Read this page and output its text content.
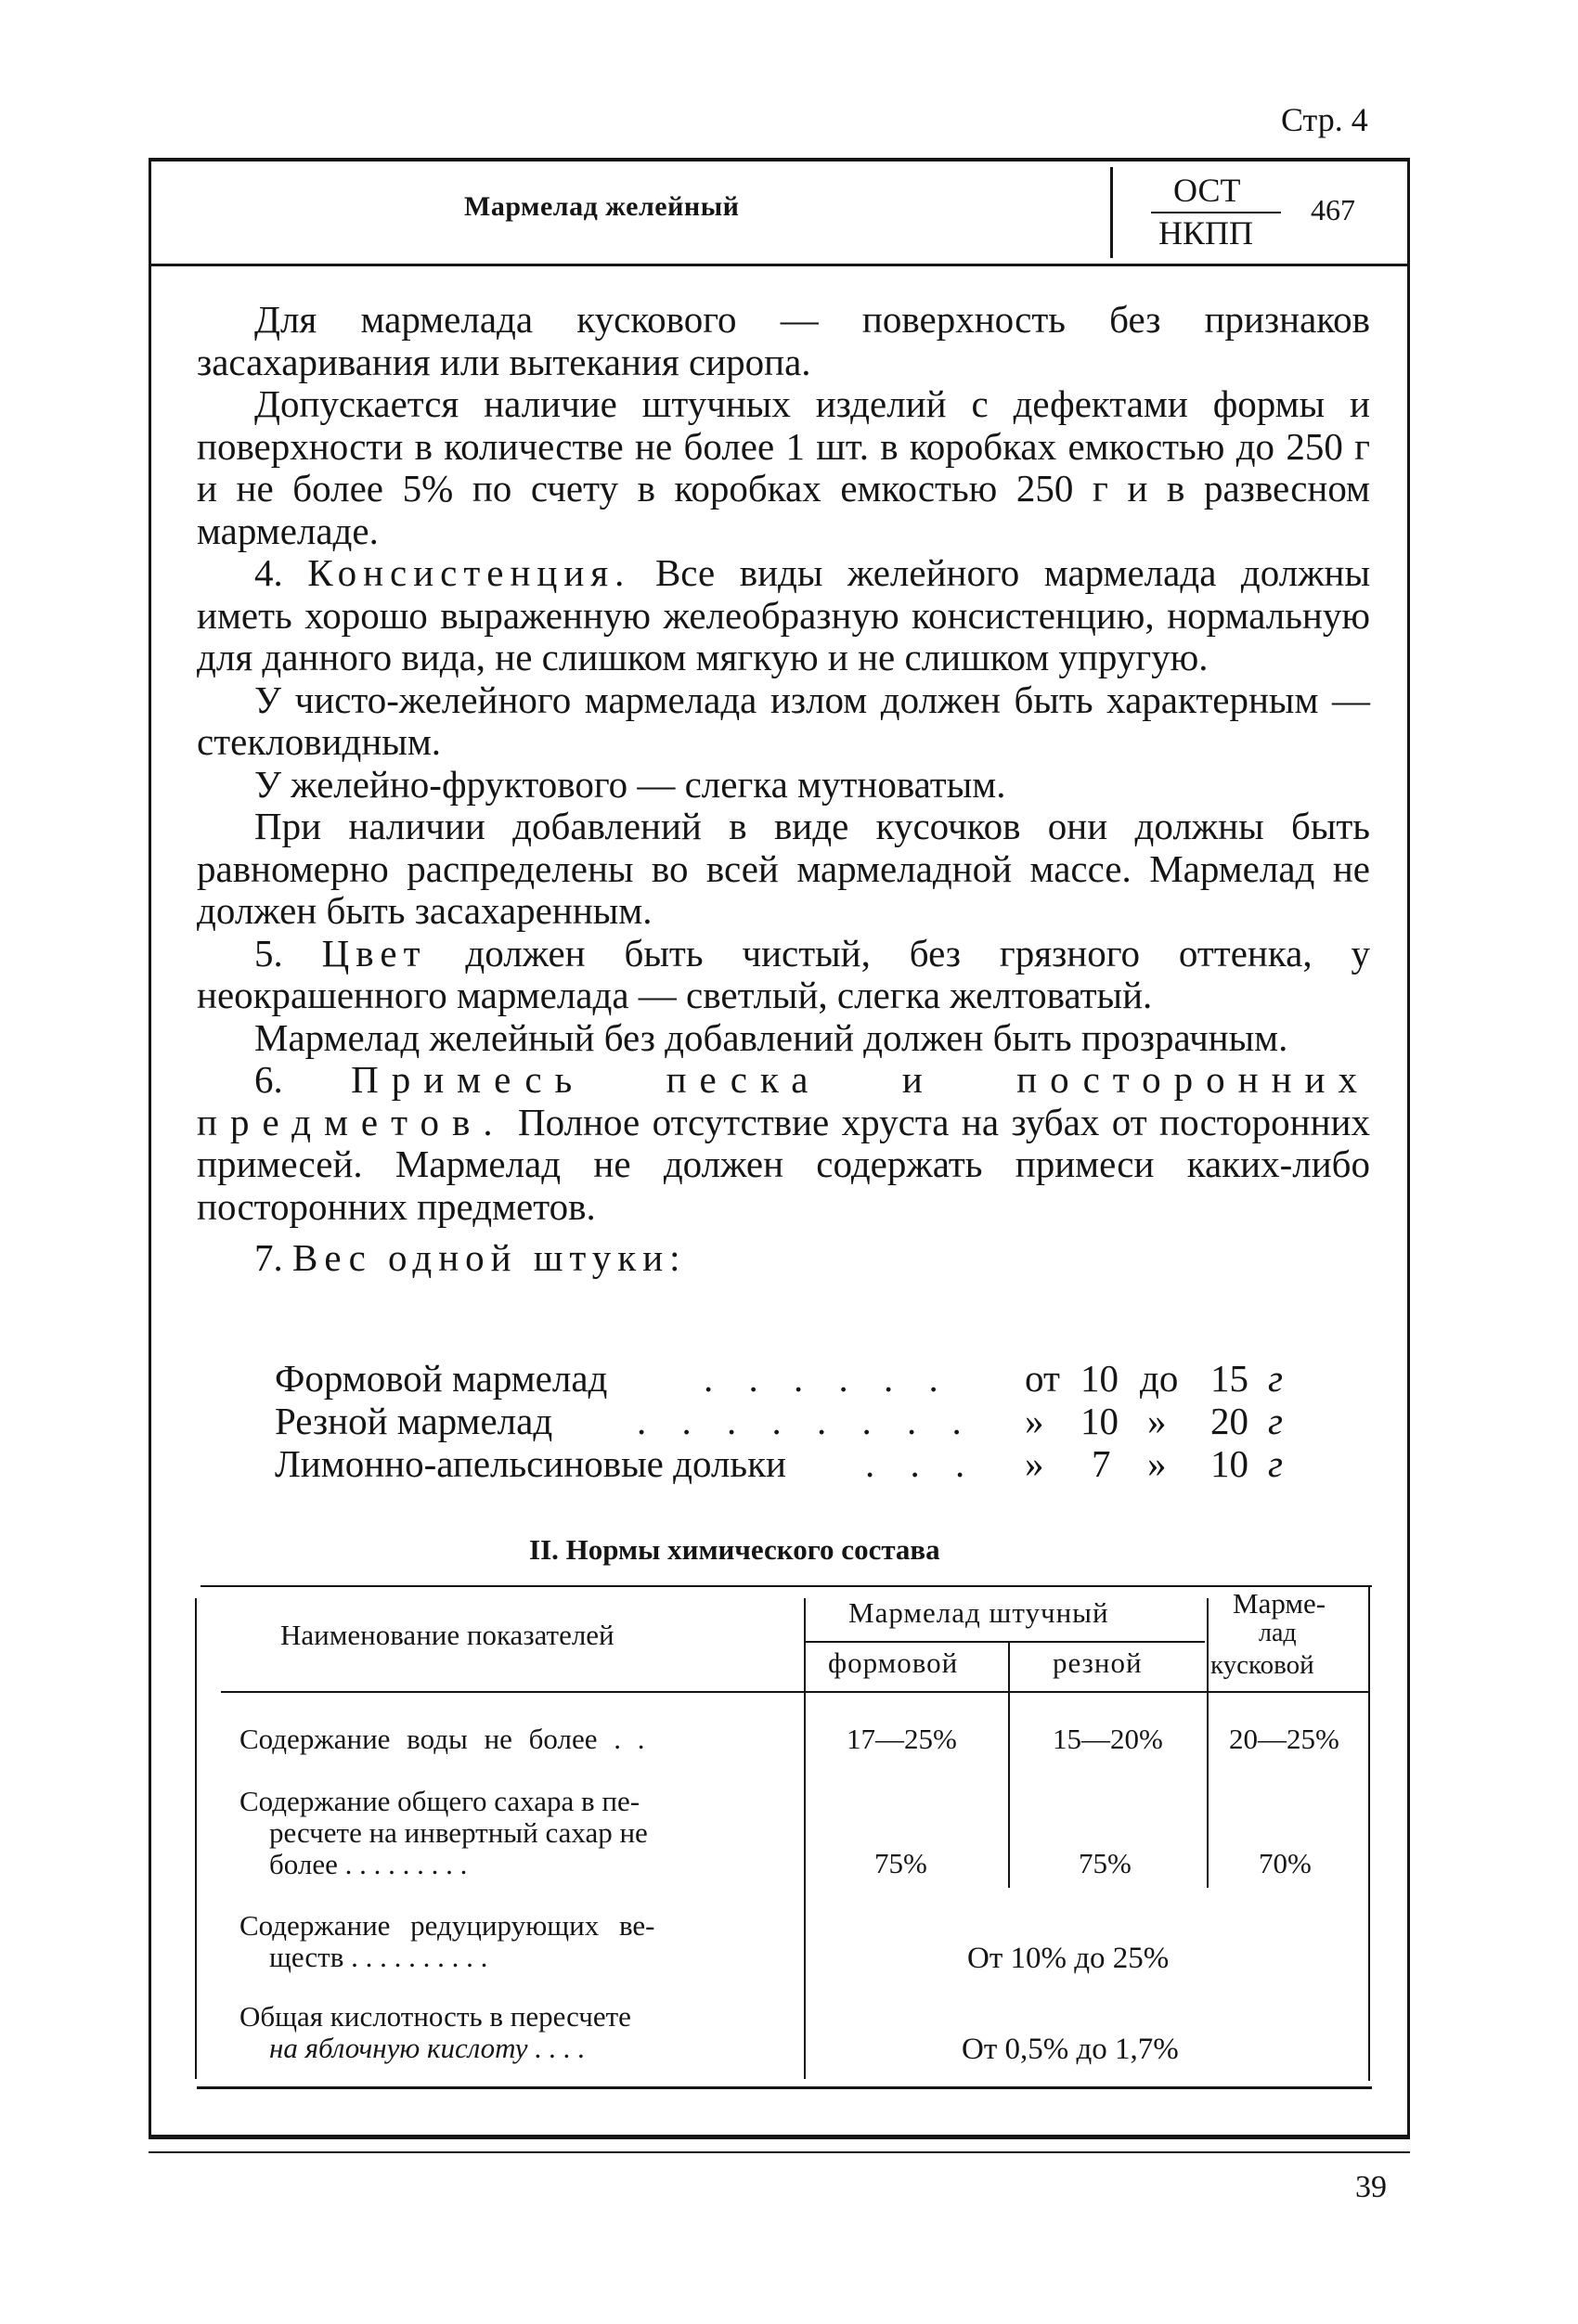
Стр. 4
Мармелад желейный	ОСТ
НКПП
467

Для мармелада кускового — поверхность без признаков засахаривания или вытекания сиропа.

Допускается наличие штучных изделий с дефектами формы и поверхности в количестве не более 1 шт. в коробках емкостью до 250 г и не более 5% по счету в коробках емкостью 250 г и в развесном мармеладе.

4. Консистенция. Все виды желейного мармелада должны иметь хорошо выраженную желеобразную консистенцию, нормальную для данного вида, не слишком мягкую и не слишком упругую.

У чисто-желейного мармелада излом должен быть характерным — стекловидным.

У желейно-фруктового — слегка мутноватым.

При наличии добавлений в виде кусочков они должны быть равномерно распределены во всей мармеладной массе. Мармелад не должен быть засахаренным.

5. Цвет должен быть чистый, без грязного оттенка, у неокрашенного мармелада — светлый, слегка желтоватый.

Мармелад желейный без добавлений должен быть прозрачным.

6. Примесь песка и посторонних предметов. Полное отсутствие хруста на зубах от посторонних примесей. Мармелад не должен содержать примеси каких-либо посторонних предметов.

7. Вес одной штуки:

Формовой мармелад	. . . . . . от 10 до 15 г
Резной мармелад . . . . . . . . » 10 » 20 г
Лимонно-апельсиновые дольки . . . » 7 » 10 г
II. Нормы химического состава
Наименование показателей
Мармелад штучный
формовой	резной
Марме-
лад
кусковой
Содержание воды не более . .	17—25%	15—20% 20—25%
Содержание общего сахара в пе-
ресчете на инвертный сахар не
более . . . . . . . . .	75%	75%	70%
Содержание редуцирующих ве-
ществ . . . . . . . . . .	От 10% до 25%
Общая кислотность в пересчете
на яблочную кислоту . . . .	От 0,5% до 1,7%
39
